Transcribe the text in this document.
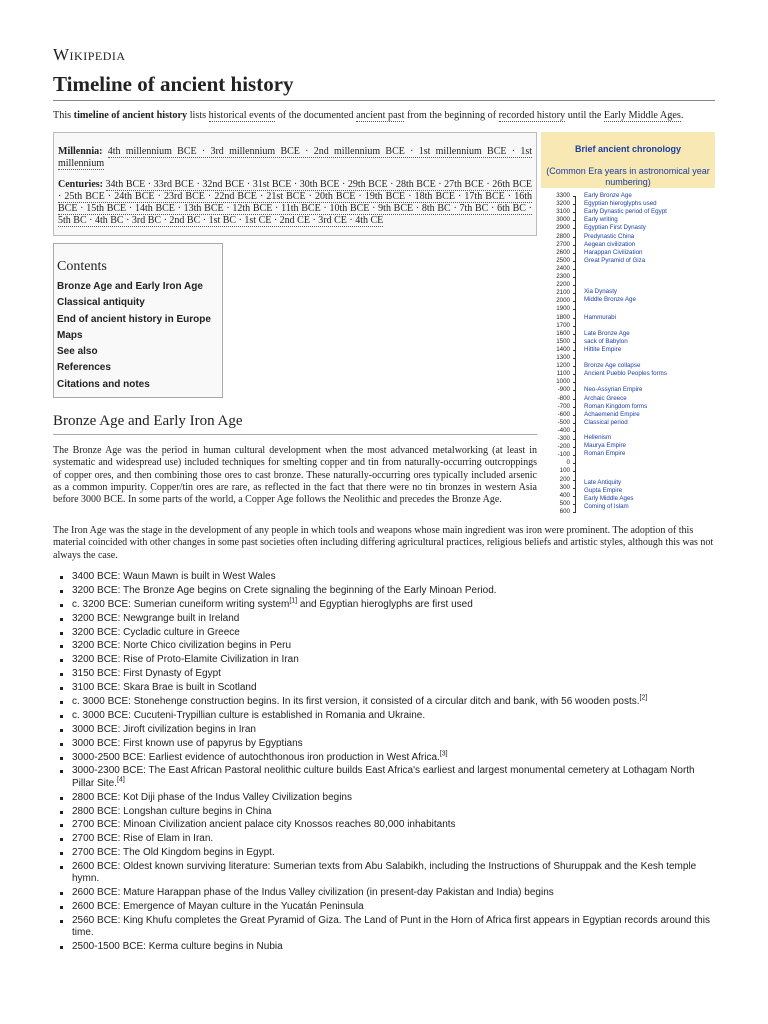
Wikipedia
Timeline of ancient history
This timeline of ancient history lists historical events of the documented ancient past from the beginning of recorded history until the Early Middle Ages.

Millennia: 4th millennium BCE · 3rd millennium BCE · 2nd millennium BCE · 1st millennium BCE · 1st millennium

Centuries: 34th BCE · 33rd BCE · 32nd BCE · 31st BCE · 30th BCE · 29th BCE · 28th BCE · 27th BCE · 26th BCE · 25th BCE · 24th BCE · 23rd BCE · 22nd BCE · 21st BCE · 20th BCE · 19th BCE · 18th BCE · 17th BCE · 16th BCE · 15th BCE · 14th BCE · 13th BCE · 12th BCE · 11th BCE · 10th BCE · 9th BCE · 8th BC · 7th BC · 6th BC · 5th BC · 4th BC · 3rd BC · 2nd BC · 1st BC · 1st CE · 2nd CE · 3rd CE · 4th CE

Contents
Bronze Age and Early Iron Age
Classical antiquity
End of ancient history in Europe
Maps
See also
References
Citations and notes
Brief ancient chronology
(Common Era years in astronomical year numbering)
3300
3200
3100
3000
2900
2800
2700
2600
2500
2400
2300
2200
2100
2000
1900
1800
1700
1600
1500
1400
1300
1200
1100
1000
-900
-800
-700
-600
-500
-400
-300
-200
-100
0
100
200
300
400
500
600
Early Bronze Age
Egyptian hieroglyphs used
Early Dynastic period of Egypt
Early writing
Egyptian First Dynasty
Predynastic China
Aegean civilization
Harappan Civilization
Great Pyramid of Giza
Xia Dynasty
Middle Bronze Age
Hammurabi
Late Bronze Age
sack of Babylon
Hittite Empire
Bronze Age collapse
Ancient Pueblo Peoples forms
Neo-Assyrian Empire
Archaic Greece
Roman Kingdom forms
Achaemenid Empire
Classical period
Hellenism
Maurya Empire
Roman Empire
Late Antiquity
Gupta Empire
Early Middle Ages
Coming of Islam
Bronze Age and Early Iron Age
The Bronze Age was the period in human cultural development when the most advanced metalworking (at least in systematic and widespread use) included techniques for smelting copper and tin from naturally-occurring outcroppings of copper ores, and then combining those ores to cast bronze. These naturally-occurring ores typically included arsenic as a common impurity. Copper/tin ores are rare, as reflected in the fact that there were no tin bronzes in western Asia before 3000 BCE. In some parts of the world, a Copper Age follows the Neolithic and precedes the Bronze Age.
The Iron Age was the stage in the development of any people in which tools and weapons whose main ingredient was iron were prominent. The adoption of this material coincided with other changes in some past societies often including differing agricultural practices, religious beliefs and artistic styles, although this was not always the case.
3400 BCE: Waun Mawn is built in West Wales
3200 BCE: The Bronze Age begins on Crete signaling the beginning of the Early Minoan Period.
c. 3200 BCE: Sumerian cuneiform writing system[1] and Egyptian hieroglyphs are first used
3200 BCE: Newgrange built in Ireland
3200 BCE: Cycladic culture in Greece
3200 BCE: Norte Chico civilization begins in Peru
3200 BCE: Rise of Proto-Elamite Civilization in Iran
3150 BCE: First Dynasty of Egypt
3100 BCE: Skara Brae is built in Scotland
c. 3000 BCE: Stonehenge construction begins. In its first version, it consisted of a circular ditch and bank, with 56 wooden posts.[2]
c. 3000 BCE: Cucuteni-Trypillian culture is established in Romania and Ukraine.
3000 BCE: Jiroft civilization begins in Iran
3000 BCE: First known use of papyrus by Egyptians
3000-2500 BCE: Earliest evidence of autochthonous iron production in West Africa.[3]
3000-2300 BCE: The East African Pastoral neolithic culture builds East Africa's earliest and largest monumental cemetery at Lothagam North Pillar Site.[4]
2800 BCE: Kot Diji phase of the Indus Valley Civilization begins
2800 BCE: Longshan culture begins in China
2700 BCE: Minoan Civilization ancient palace city Knossos reaches 80,000 inhabitants
2700 BCE: Rise of Elam in Iran.
2700 BCE: The Old Kingdom begins in Egypt.
2600 BCE: Oldest known surviving literature: Sumerian texts from Abu Salabikh, including the Instructions of Shuruppak and the Kesh temple hymn.
2600 BCE: Mature Harappan phase of the Indus Valley civilization (in present-day Pakistan and India) begins
2600 BCE: Emergence of Mayan culture in the Yucatán Peninsula
2560 BCE: King Khufu completes the Great Pyramid of Giza. The Land of Punt in the Horn of Africa first appears in Egyptian records around this time.
2500-1500 BCE: Kerma culture begins in Nubia
